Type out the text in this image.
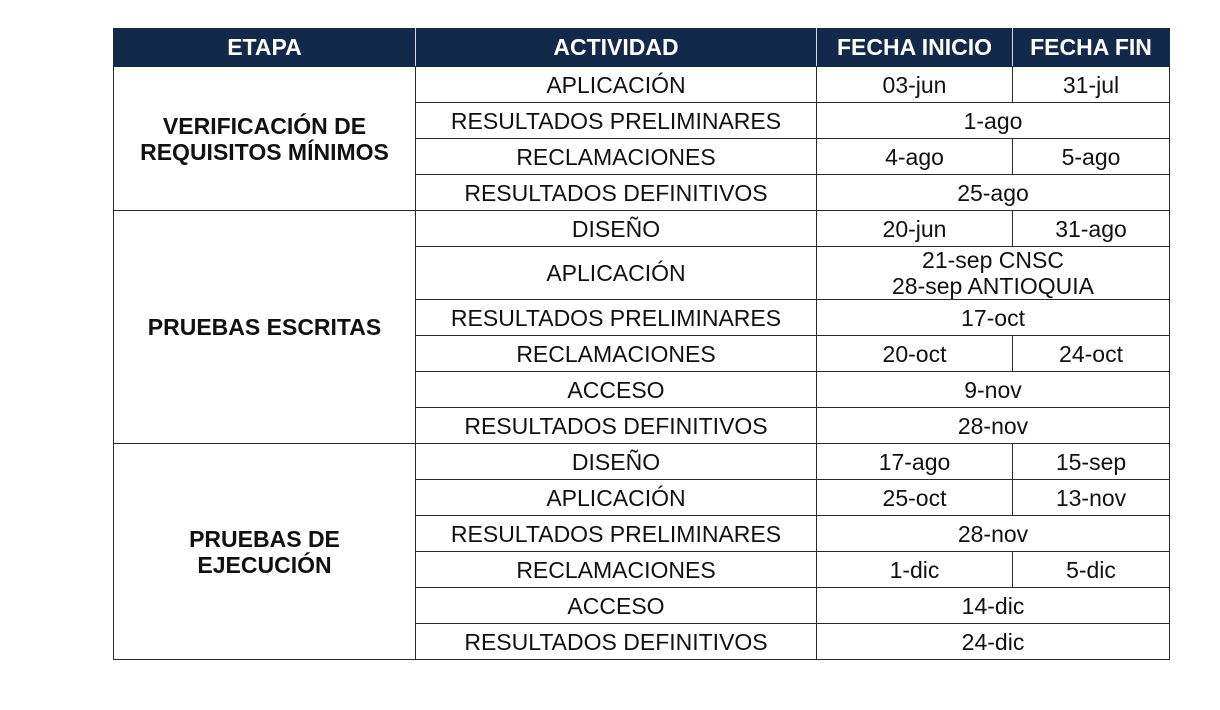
ETAPA	ACTIVIDAD	FECHA INICIO	FECHA FIN

VERIFICACIÓN DE
REQUISITOS MÍNIMOS	APLICACIÓN	03-jun	31-jul
	RESULTADOS PRELIMINARES	1-ago	
	RECLAMACIONES	4-ago	5-ago
	RESULTADOS DEFINITIVOS	25-ago	

PRUEBAS ESCRITAS	DISEÑO	20-jun	31-ago
	APLICACIÓN	21-sep CNSC
28-sep ANTIOQUIA	

	RESULTADOS PRELIMINARES	17-oct	
	RECLAMACIONES	20-oct	24-oct
	ACCESO	9-nov	
	RESULTADOS DEFINITIVOS	28-nov	

PRUEBAS DE
EJECUCIÓN	DISEÑO	17-ago	15-sep
	APLICACIÓN	25-oct	13-nov
	RESULTADOS PRELIMINARES	28-nov	
	RECLAMACIONES	1-dic	5-dic
	ACCESO	14-dic	
	RESULTADOS DEFINITIVOS	24-dic	
